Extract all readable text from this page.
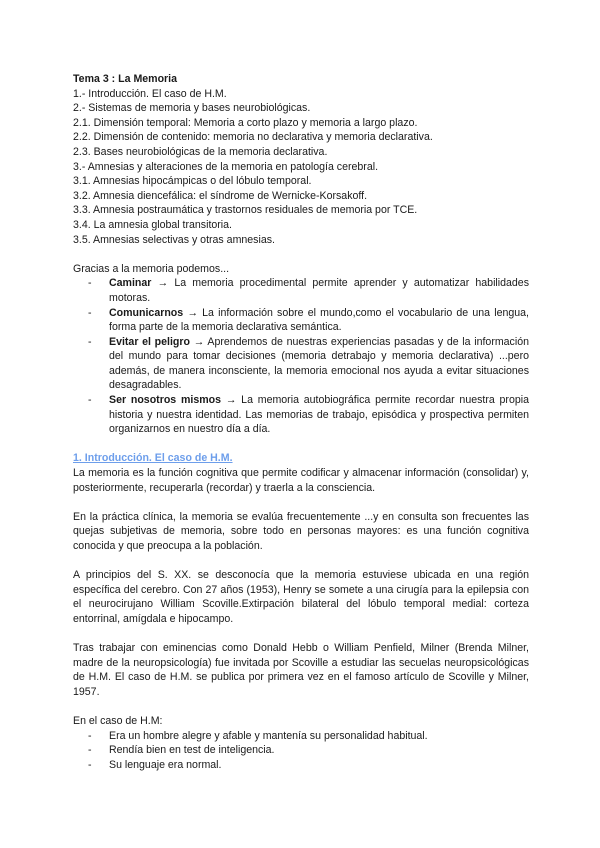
Tema 3 : La Memoria
1.- Introducción. El caso de H.M.
2.- Sistemas de memoria y bases neurobiológicas.
2.1. Dimensión temporal: Memoria a corto plazo y memoria a largo plazo.
2.2. Dimensión de contenido: memoria no declarativa y memoria declarativa.
2.3. Bases neurobiológicas de la memoria declarativa.
3.- Amnesias y alteraciones de la memoria en patología cerebral.
3.1. Amnesias hipocámpicas o del lóbulo temporal.
3.2. Amnesia diencefálica: el síndrome de Wernicke-Korsakoff.
3.3. Amnesia postraumática y trastornos residuales de memoria por TCE.
3.4. La amnesia global transitoria.
3.5. Amnesias selectivas y otras amnesias.
Gracias a la memoria podemos...
- Caminar → La memoria procedimental permite aprender y automatizar habilidades motoras.
- Comunicarnos → La información sobre el mundo,como el vocabulario de una lengua, forma parte de la memoria declarativa semántica.
- Evitar el peligro → Aprendemos de nuestras experiencias pasadas y de la información del mundo para tomar decisiones (memoria detrabajo y memoria declarativa) ...pero además, de manera inconsciente, la memoria emocional nos ayuda a evitar situaciones desagradables.
- Ser nosotros mismos → La memoria autobiográfica permite recordar nuestra propia historia y nuestra identidad. Las memorias de trabajo, episódica y prospectiva permiten organizarnos en nuestro día a día.
1. Introducción. El caso de H.M.
La memoria es la función cognitiva que permite codificar y almacenar información (consolidar) y, posteriormente, recuperarla (recordar) y traerla a la consciencia.
En la práctica clínica, la memoria se evalúa frecuentemente ...y en consulta son frecuentes las quejas subjetivas de memoria, sobre todo en personas mayores: es una función cognitiva conocida y que preocupa a la población.
A principios del S. XX. se desconocía que la memoria estuviese ubicada en una región específica del cerebro. Con 27 años (1953), Henry se somete a una cirugía para la epilepsia con el neurocirujano William Scoville.Extirpación bilateral del lóbulo temporal medial: corteza entorrinal, amígdala e hipocampo.
Tras trabajar con eminencias como Donald Hebb o William Penfield, Milner (Brenda Milner, madre de la neuropsicología) fue invitada por Scoville a estudiar las secuelas neuropsicológicas de H.M. El caso de H.M. se publica por primera vez en el famoso artículo de Scoville y Milner, 1957.
En el caso de H.M:
- Era un hombre alegre y afable y mantenía su personalidad habitual.
- Rendía bien en test de inteligencia.
- Su lenguaje era normal.
